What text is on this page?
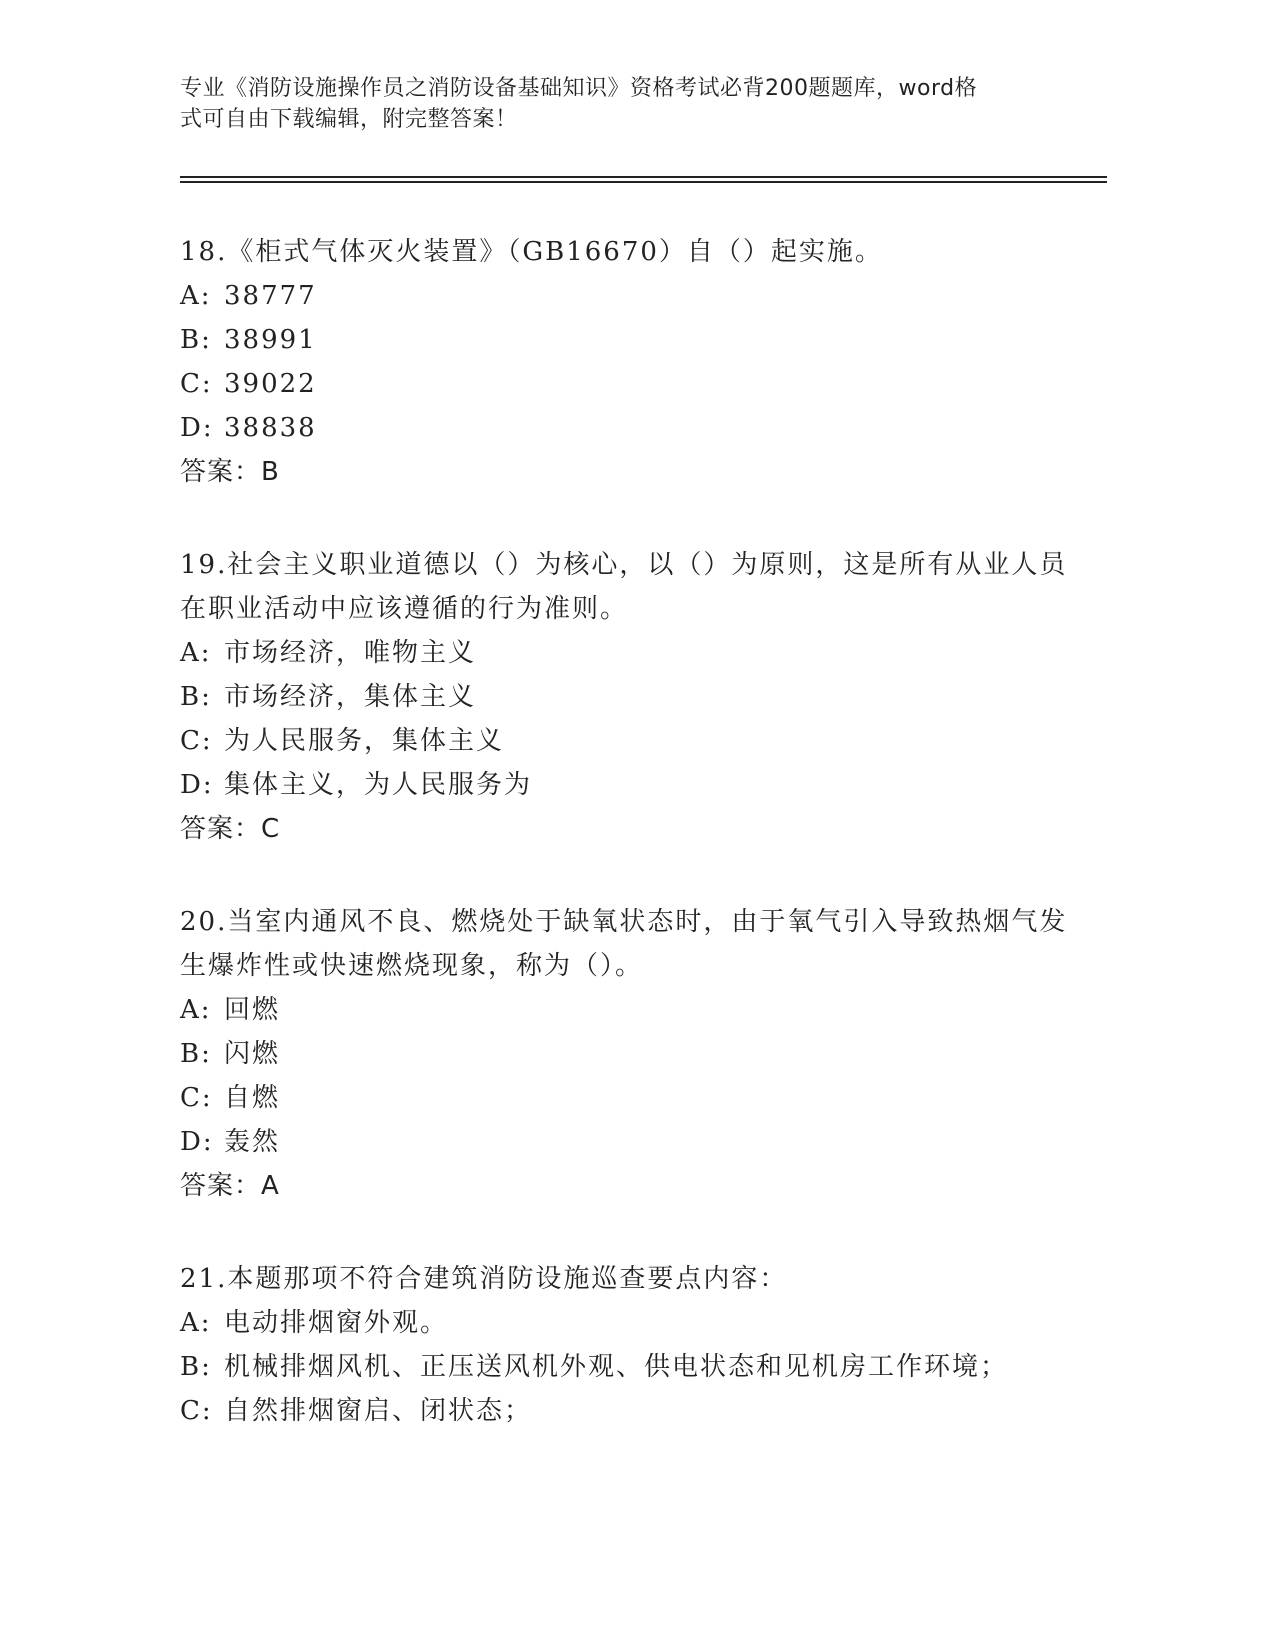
专业《消防设施操作员之消防设备基础知识》资格考试必背200题题库，word格
式可自由下载编辑，附完整答案！

18.《柜式气体灭火装置》（GB16670）自（）起实施。

A: 38777

B: 38991

C: 39022

D: 38838

答案：B

19.社会主义职业道德以（）为核心，以（）为原则，这是所有从业人员在职业活动中应该遵循的行为准则。

A: 市场经济，唯物主义

B: 市场经济，集体主义

C: 为人民服务，集体主义

D: 集体主义，为人民服务为

答案：C

20.当室内通风不良、燃烧处于缺氧状态时，由于氧气引入导致热烟气发生爆炸性或快速燃烧现象，称为（）。

A: 回燃

B: 闪燃

C: 自燃

D: 轰然

答案：A

21.本题那项不符合建筑消防设施巡查要点内容：

A: 电动排烟窗外观。

B: 机械排烟风机、正压送风机外观、供电状态和见机房工作环境；

C: 自然排烟窗启、闭状态；
